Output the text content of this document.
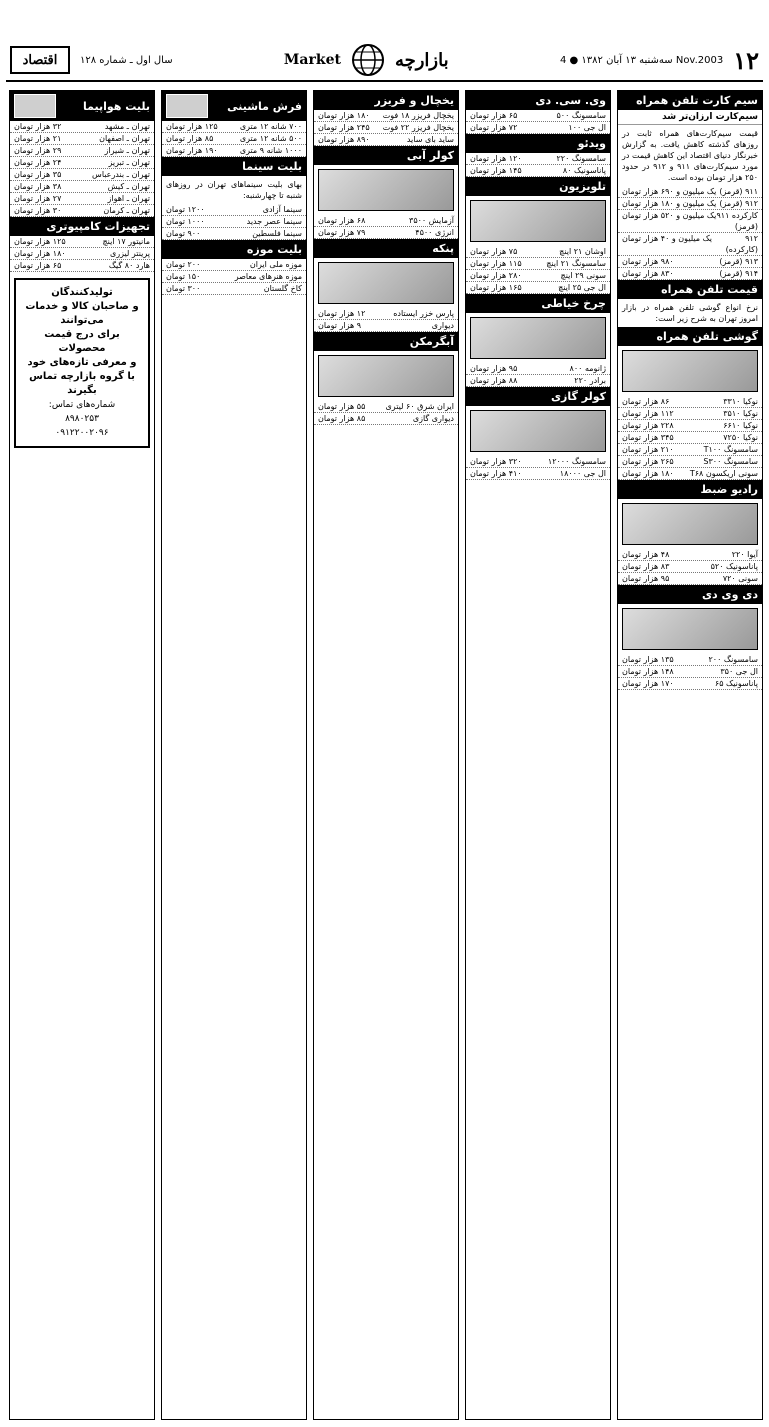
اقتصاد	سال اول ـ شماره ۱۲۸	Market	بازارچه	سه‌شنبه ۱۳ آبان ۱۳۸۲ ● 4 Nov.2003 ۱۲
سیم کارت تلفن همراه
سیم‌کارت ارزان‌تر شد
قیمت سیم‌کارت‌های همراه ثابت در روزهای گذشته کاهش یافت. به گزارش خبرنگار دنیای اقتصاد این کاهش قیمت در مورد سیم‌کارت‌های ۹۱۱ و ۹۱۲ در حدود ۲۵۰ هزار تومان بوده است.
۹۱۱ (قرمز)
یک میلیون و ۶۹۰ هزار تومان
۹۱۲ (قرمز)
یک میلیون و ۱۸۰ هزار تومان
کارکرده ۹۱۱ (قرمز)
یک میلیون و ۵۲۰ هزار تومان
۹۱۲ (کارکرده)
یک میلیون و ۴۰ هزار تومان
۹۱۳ (قرمز)
۹۸۰ هزار تومان
۹۱۴ (قرمز)
۸۳۰ هزار تومان
قیمت تلفن همراه
نرخ انواع گوشی تلفن همراه در بازار امروز تهران به شرح زیر است:
گوشی تلفن همراه
نوکیا ۳۳۱۰
۸۶ هزار تومان
نوکیا ۳۵۱۰
۱۱۲ هزار تومان
نوکیا ۶۶۱۰
۲۲۸ هزار تومان
نوکیا ۷۲۵۰
۳۴۵ هزار تومان
سامسونگ T۱۰۰
۲۱۰ هزار تومان
سامسونگ S۳۰۰
۲۶۵ هزار تومان
سونی اریکسون T۶۸
۱۸۰ هزار تومان
رادیو ضبط
آیوا ۲۲۰
۴۸ هزار تومان
پاناسونیک ۵۲۰
۸۳ هزار تومان
سونی ۷۲۰
۹۵ هزار تومان
دی وی دی
سامسونگ ۲۰۰
۱۳۵ هزار تومان
ال جی ۳۵۰
۱۴۸ هزار تومان
پاناسونیک ۶۵
۱۷۰ هزار تومان
وی. سی. دی
سامسونگ ۵۰۰
۶۵ هزار تومان
ال جی ۱۰۰
۷۲ هزار تومان
ویدئو
سامسونگ ۲۲۰
۱۲۰ هزار تومان
پاناسونیک ۸۰
۱۴۵ هزار تومان
تلویزیون
اوشان ۲۱ اینچ
۷۵ هزار تومان
سامسونگ ۲۱ اینچ
۱۱۵ هزار تومان
سونی ۲۹ اینچ
۲۸۰ هزار تومان
ال جی ۲۵ اینچ
۱۶۵ هزار تومان
چرخ خیاطی
ژانومه ۸۰۰
۹۵ هزار تومان
برادر ۲۲۰
۸۸ هزار تومان
کولر گازی
سامسونگ ۱۲۰۰۰
۳۲۰ هزار تومان
ال جی ۱۸۰۰۰
۴۱۰ هزار تومان
یخچال و فریزر
یخچال فریزر ۱۸ فوت
۱۸۰ هزار تومان
یخچال فریزر ۲۲ فوت
۲۴۵ هزار تومان
ساید بای ساید
۸۹۰ هزار تومان
کولر آبی
آزمایش ۳۵۰۰
۶۸ هزار تومان
انرژی ۴۵۰۰
۷۹ هزار تومان
پنکه
پارس خزر ایستاده
۱۲ هزار تومان
دیواری
۹ هزار تومان
آبگرمکن
ایران شرق ۶۰ لیتری
۵۵ هزار تومان
دیواری گازی
۸۵ هزار تومان
فرش ماشینی
۷۰۰ شانه ۱۲ متری
۱۲۵ هزار تومان
۵۰۰ شانه ۱۲ متری
۸۵ هزار تومان
۱۰۰۰ شانه ۹ متری
۱۹۰ هزار تومان
بلیت سینما
بهای بلیت سینماهای تهران در روزهای شنبه تا چهارشنبه:
سینما آزادی
۱۲۰۰ تومان
سینما عصر جدید
۱۰۰۰ تومان
سینما فلسطین
۹۰۰ تومان
بلیت موزه
موزه ملی ایران
۲۰۰ تومان
موزه هنرهای معاصر
۱۵۰ تومان
کاخ گلستان
۳۰۰ تومان
بلیت هواپیما
تهران ـ مشهد
۳۲ هزار تومان
تهران ـ اصفهان
۲۱ هزار تومان
تهران ـ شیراز
۲۹ هزار تومان
تهران ـ تبریز
۲۴ هزار تومان
تهران ـ بندرعباس
۳۵ هزار تومان
تهران ـ کیش
۳۸ هزار تومان
تهران ـ اهواز
۲۷ هزار تومان
تهران ـ کرمان
۳۰ هزار تومان
تجهیزات کامپیوتری
مانیتور ۱۷ اینچ
۱۲۵ هزار تومان
پرینتر لیزری
۱۸۰ هزار تومان
هارد ۸۰ گیگ
۶۵ هزار تومان
تولیدکنندگان
و صاحبان کالا و خدمات می‌توانند
برای درج قیمت محصولات
و معرفی تازه‌های خود
با گروه بازارچه تماس بگیرند
شماره‌های تماس:
۸۹۸۰۲۵۳
۰۹۱۲۲۰۰۲۰۹۶
